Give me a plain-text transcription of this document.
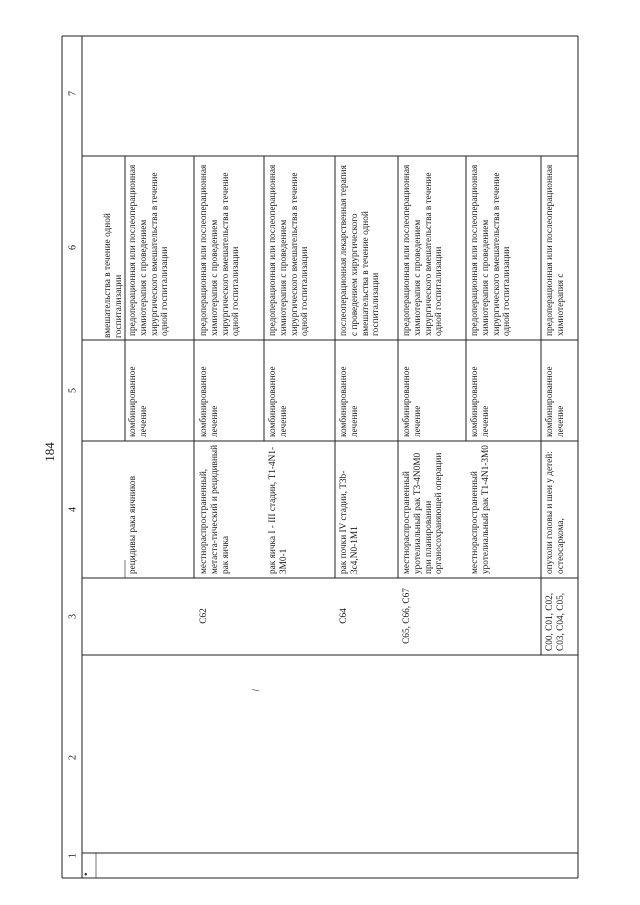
184
•
\
1
2
3
4
5
6
7
вмешательства в течение одной госпитализации
рецидивы рака яичников
комбинированное лечение
предоперационная или послеоперационная химиотерапия с проведением хирургического вмешательства в течение одной госпитализации
C62
местнораспространенный, метаста-тический и рецидивный рак яичка
комбинированное лечение
предоперационная или послеоперационная химиотерапия с проведением хирургического вмешательства в течение одной госпитализации
рак яичка I - III стадии, T1-4N1-3M0-1
комбинированное лечение
предоперационная или послеоперационная химиотерапия с проведением хирургического вмешательства в течение одной госпитализации
C64
рак почки IV стадии, T3b-3c4,N0-1M1
комбинированное лечение
послеоперационная лекарственная терапия с проведением хирургического вмешательства в течение одной госпитализации
C65, C66, C67
местнораспространенный уротелиальный рак T3-4N0M0 при планировании органосохраняющей операции
комбинированное лечение
предоперационная или послеоперационная химиотерапия с проведением хирургического вмешательства в течение одной госпитализации
местнораспространенный уротелиальный рак T1-4N1-3M0
комбинированное лечение
предоперационная или послеоперационная химиотерапия с проведением хирургического вмешательства в течение одной госпитализации
C00, C01, C02, C03, C04, C05,
опухоли головы и шеи у детей: остеосаркома,
комбинированное лечение
предоперационная или послеоперационная химиотерапия с
